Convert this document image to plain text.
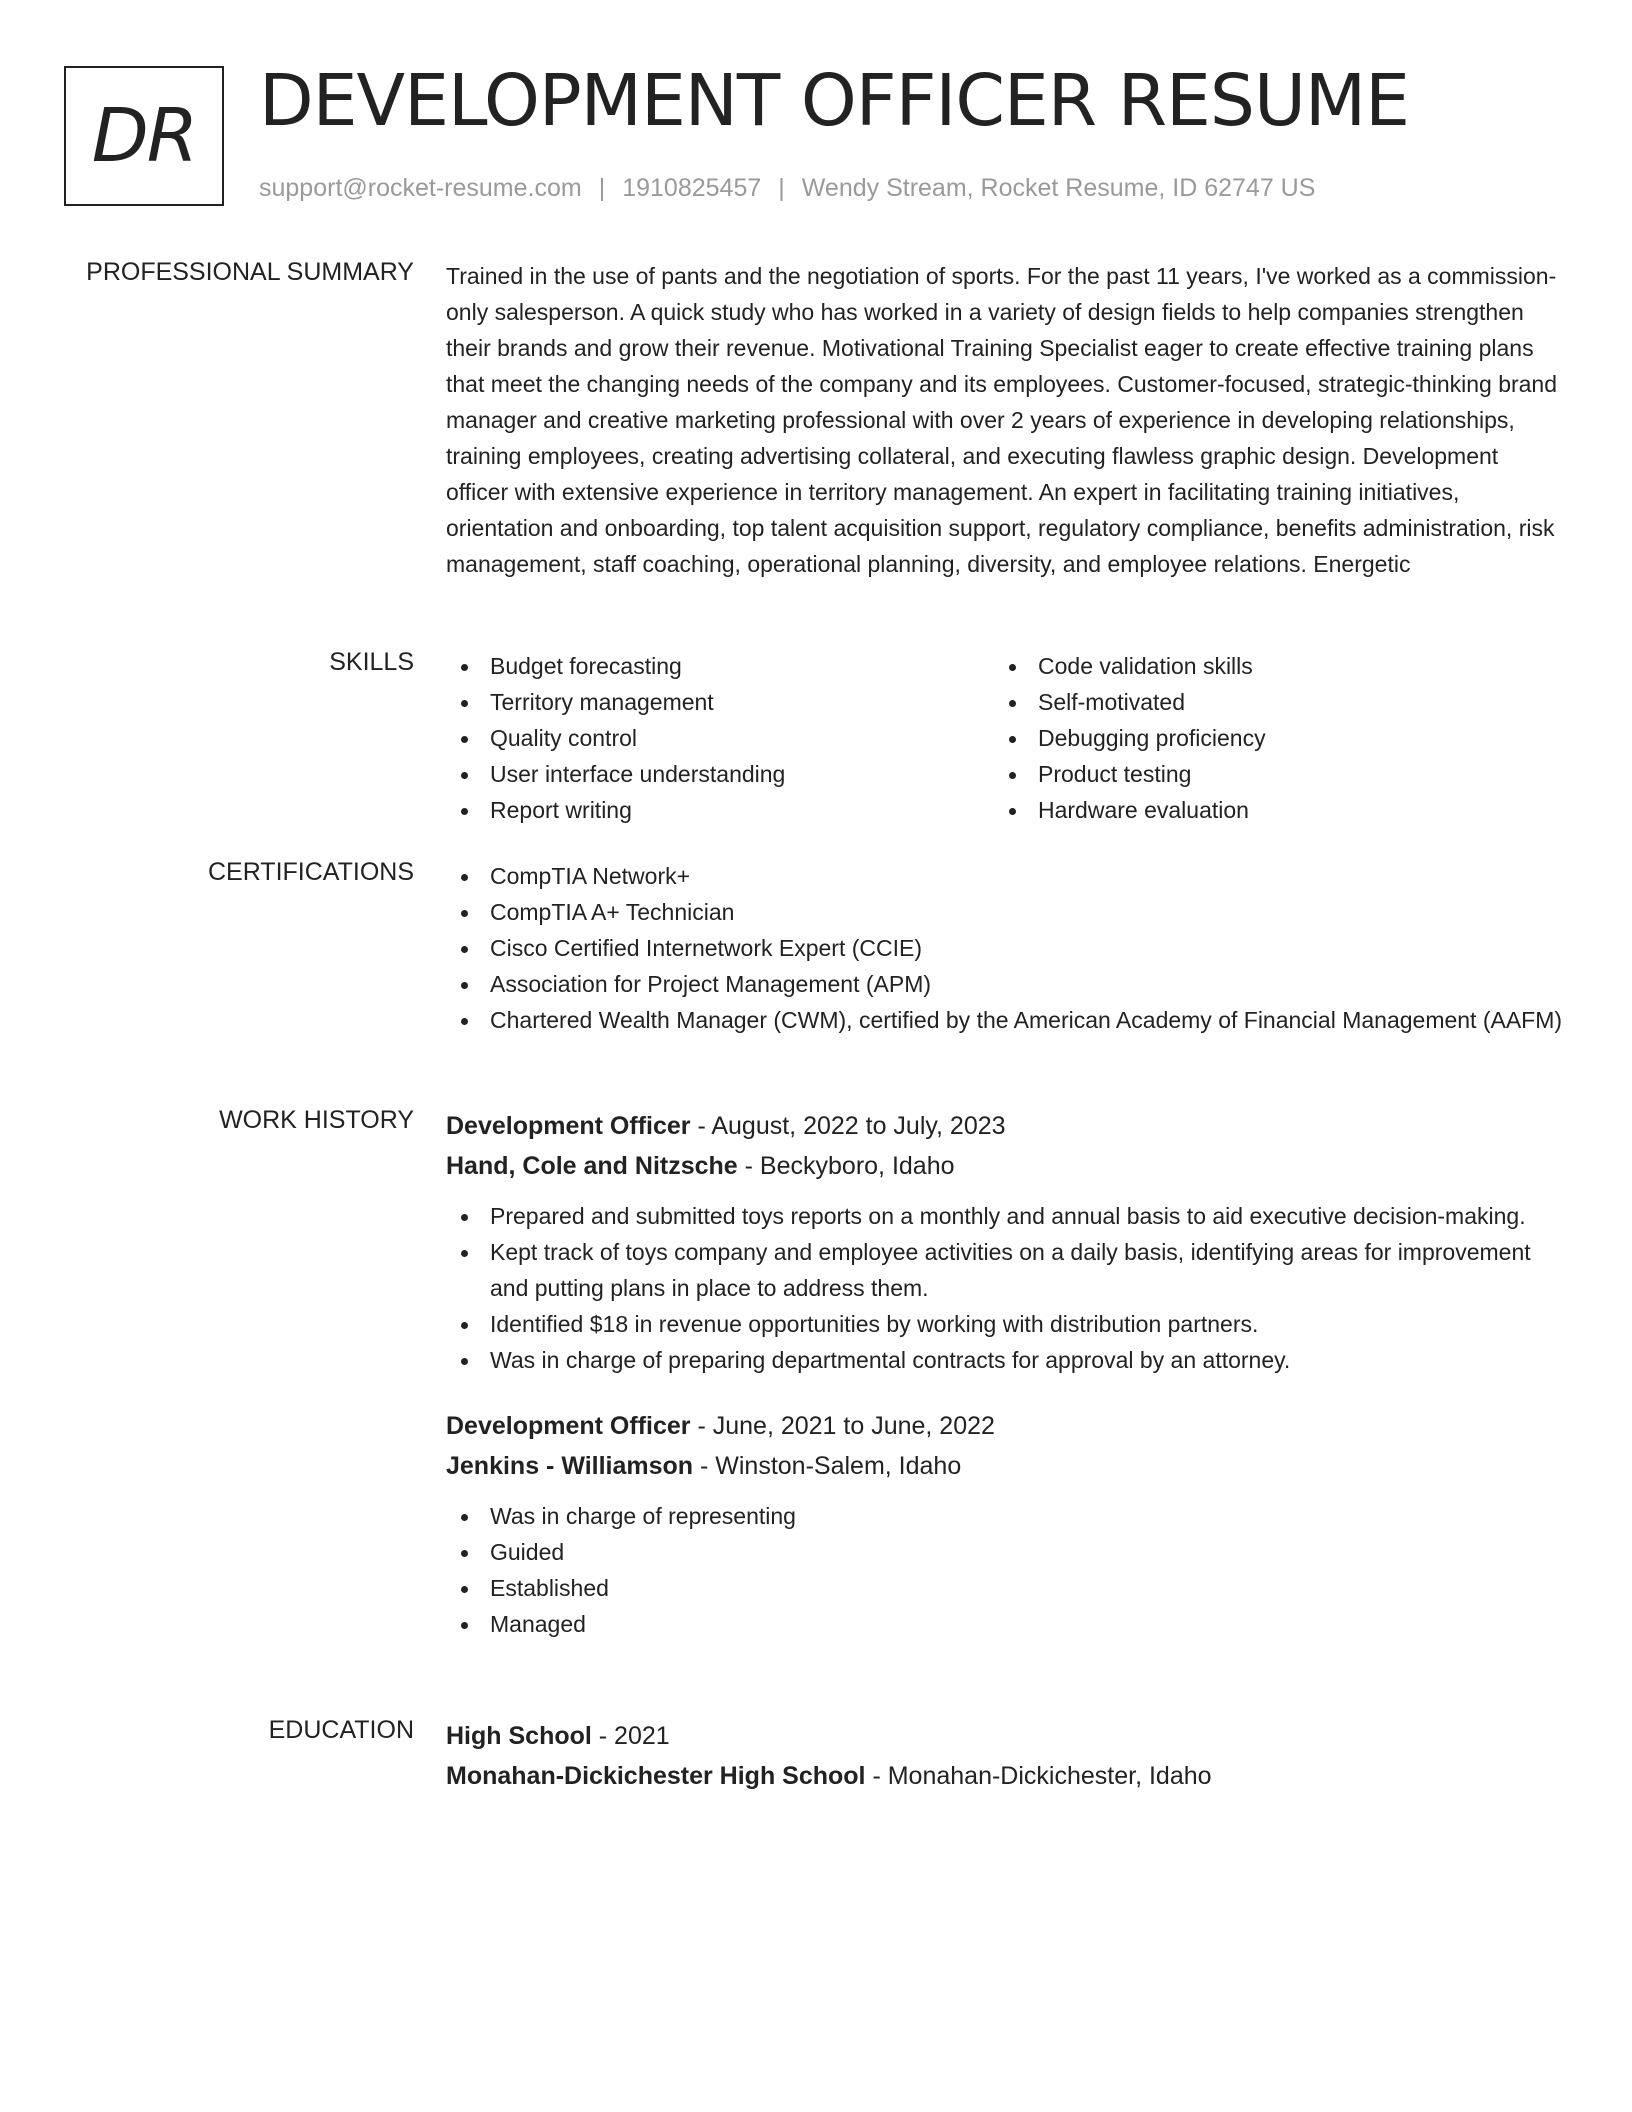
DR DEVELOPMENT OFFICER RESUME
support@rocket-resume.com | 1910825457 | Wendy Stream, Rocket Resume, ID 62747 US
PROFESSIONAL SUMMARY Trained in the use of pants and the negotiation of sports. For the past 11 years, I've worked as a commission-only salesperson. A quick study who has worked in a variety of design fields to help companies strengthen their brands and grow their revenue. Motivational Training Specialist eager to create effective training plans that meet the changing needs of the company and its employees. Customer-focused, strategic-thinking brand manager and creative marketing professional with over 2 years of experience in developing relationships, training employees, creating advertising collateral, and executing flawless graphic design. Development officer with extensive experience in territory management. An expert in facilitating training initiatives, orientation and onboarding, top talent acquisition support, regulatory compliance, benefits administration, risk management, staff coaching, operational planning, diversity, and employee relations. Energetic

SKILLS	Budget forecasting
Territory management
Quality control
User interface understanding
Report writing
Code validation skills
Self-motivated
Debugging proficiency
Product testing
Hardware evaluation
CERTIFICATIONS	CompTIA Network+
CompTIA A+ Technician
Cisco Certified Internetwork Expert (CCIE)
Association for Project Management (APM)
Chartered Wealth Manager (CWM), certified by the American Academy of Financial Management (AAFM)
WORK HISTORY Development Officer - August, 2022 to July, 2023
Hand, Cole and Nitzsche - Beckyboro, Idaho
Prepared and submitted toys reports on a monthly and annual basis to aid executive decision-making.
Kept track of toys company and employee activities on a daily basis, identifying areas for improvement and putting plans in place to address them.
Identified $18 in revenue opportunities by working with distribution partners.
Was in charge of preparing departmental contracts for approval by an attorney.
Development Officer - June, 2021 to June, 2022
Jenkins - Williamson - Winston-Salem, Idaho
Was in charge of representing
Guided
Established
Managed
EDUCATION High School - 2021
Monahan-Dickichester High School - Monahan-Dickichester, Idaho
